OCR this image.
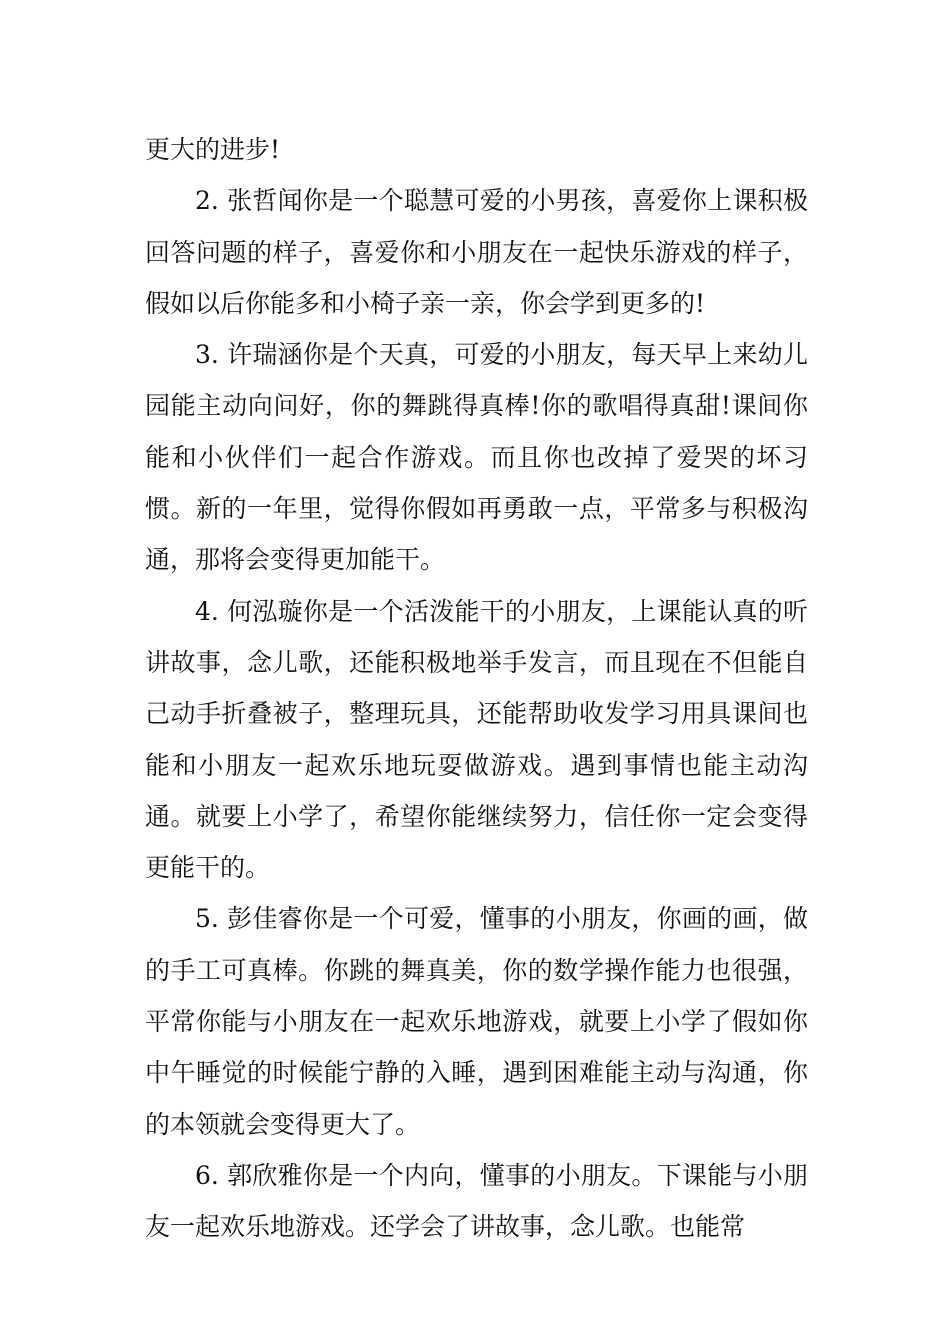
更大的进步!

2. 张哲闻你是一个聪慧可爱的小男孩，喜爱你上课积极回答问题的样子，喜爱你和小朋友在一起快乐游戏的样子，假如以后你能多和小椅子亲一亲，你会学到更多的!

3. 许瑞涵你是个天真，可爱的小朋友，每天早上来幼儿园能主动向问好，你的舞跳得真棒!你的歌唱得真甜!课间你能和小伙伴们一起合作游戏。而且你也改掉了爱哭的坏习惯。新的一年里，觉得你假如再勇敢一点，平常多与积极沟通，那将会变得更加能干。

4. 何泓璇你是一个活泼能干的小朋友，上课能认真的听讲故事，念儿歌，还能积极地举手发言，而且现在不但能自己动手折叠被子，整理玩具，还能帮助收发学习用具课间也能和小朋友一起欢乐地玩耍做游戏。遇到事情也能主动沟通。就要上小学了，希望你能继续努力，信任你一定会变得更能干的。

5. 彭佳睿你是一个可爱，懂事的小朋友，你画的画，做的手工可真棒。你跳的舞真美，你的数学操作能力也很强，平常你能与小朋友在一起欢乐地游戏，就要上小学了假如你中午睡觉的时候能宁静的入睡，遇到困难能主动与沟通，你的本领就会变得更大了。

6. 郭欣雅你是一个内向，懂事的小朋友。下课能与小朋友一起欢乐地游戏。还学会了讲故事，念儿歌。也能常
